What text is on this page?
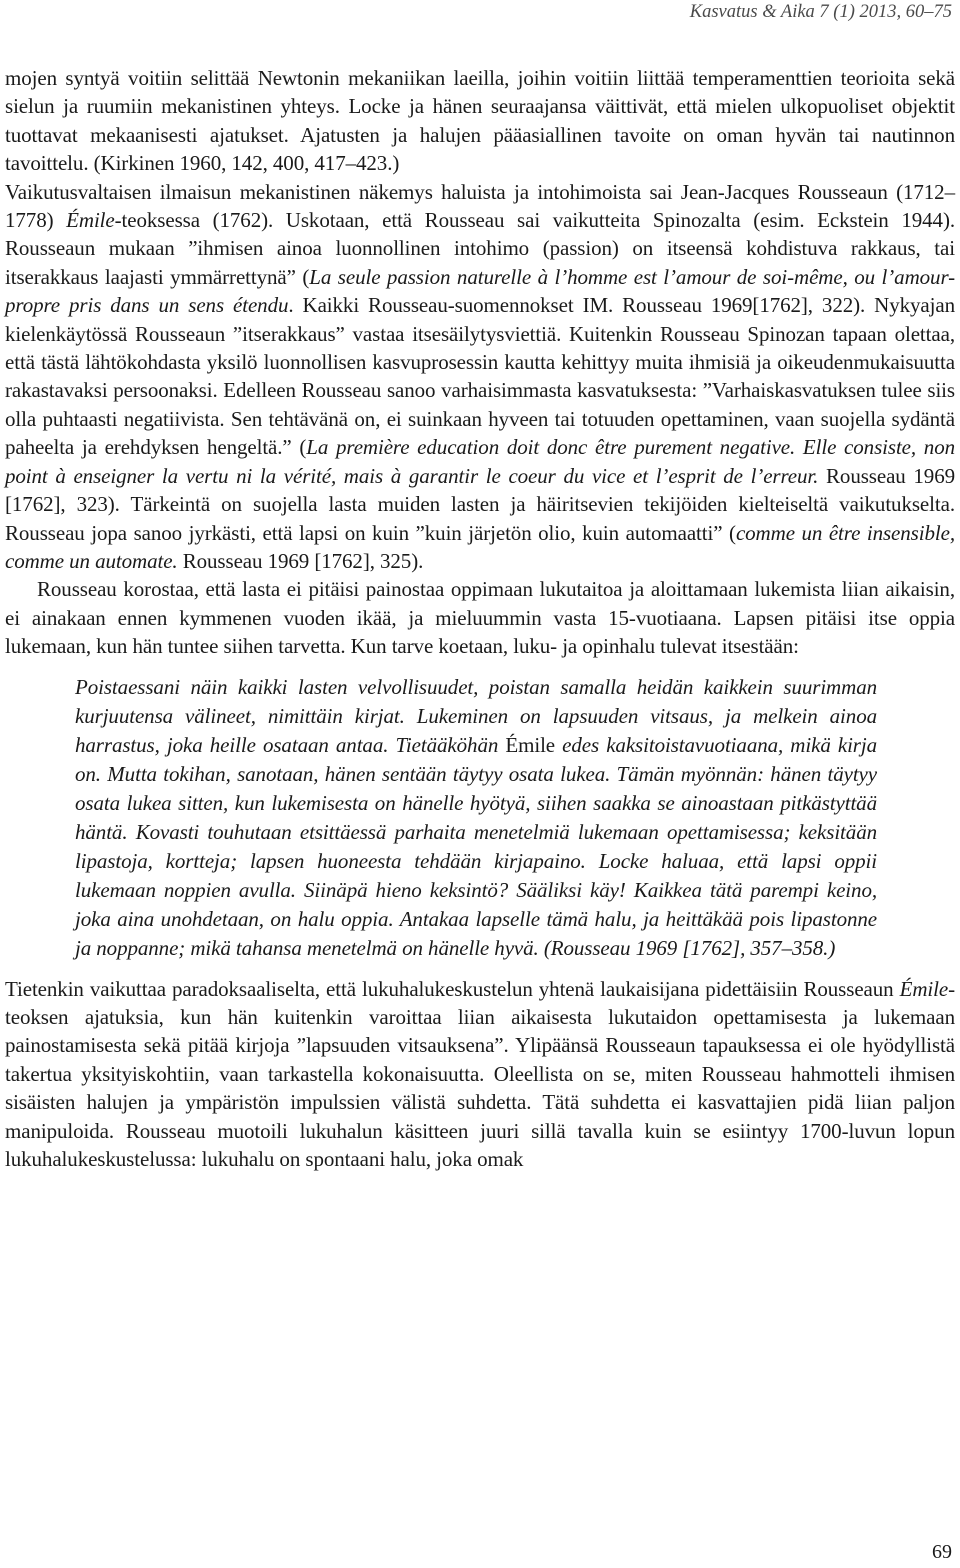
Kasvatus & Aika 7 (1) 2013, 60–75

mojen syntyä voitiin selittää Newtonin mekaniikan laeilla, joihin voitiin liittää temperamenttien teorioita sekä sielun ja ruumiin mekanistinen yhteys. Locke ja hänen seuraajansa väittivät, että mielen ulkopuoliset objektit tuottavat mekaanisesti ajatukset. Ajatusten ja halujen pääasiallinen tavoite on oman hyvän tai nautinnon tavoittelu. (Kirkinen 1960, 142, 400, 417–423.)

Vaikutusvaltaisen ilmaisun mekanistinen näkemys haluista ja intohimoista sai Jean-Jacques Rousseaun (1712–1778) Émile-teoksessa (1762). Uskotaan, että Rousseau sai vaikutteita Spinozalta (esim. Eckstein 1944). Rousseaun mukaan ”ihmisen ainoa luonnollinen intohimo (passion) on itseensä kohdistuva rakkaus, tai itserakkaus laajasti ymmärrettynä” (La seule passion naturelle à l’homme est l’amour de soi-même, ou l’amour-propre pris dans un sens étendu. Kaikki Rousseau-suomennokset IM. Rousseau 1969[1762], 322). Nykyajan kielenkäytössä Rousseaun ”itserakkaus” vastaa itsesäilytysviettiä. Kuitenkin Rousseau Spinozan tapaan olettaa, että tästä lähtökohdasta yksilö luonnollisen kasvuprosessin kautta kehittyy muita ihmisiä ja oikeudenmukaisuutta rakastavaksi persoonaksi. Edelleen Rousseau sanoo varhaisimmasta kasvatuksesta: ”Varhaiskasvatuksen tulee siis olla puhtaasti negatiivista. Sen tehtävänä on, ei suinkaan hyveen tai totuuden opettaminen, vaan suojella sydäntä paheelta ja erehdyksen hengeltä.” (La première education doit donc être purement negative. Elle consiste, non point à enseigner la vertu ni la vérité, mais à garantir le coeur du vice et l’esprit de l’erreur. Rousseau 1969 [1762], 323). Tärkeintä on suojella lasta muiden lasten ja häiritsevien tekijöiden kielteiseltä vaikutukselta. Rousseau jopa sanoo jyrkästi, että lapsi on kuin ”kuin järjetön olio, kuin automaatti” (comme un être insensible, comme un automate. Rousseau 1969 [1762], 325).

Rousseau korostaa, että lasta ei pitäisi painostaa oppimaan lukutaitoa ja aloittamaan lukemista liian aikaisin, ei ainakaan ennen kymmenen vuoden ikää, ja mieluummin vasta 15-vuotiaana. Lapsen pitäisi itse oppia lukemaan, kun hän tuntee siihen tarvetta. Kun tarve koetaan, luku- ja opinhalu tulevat itsestään:

Poistaessani näin kaikki lasten velvollisuudet, poistan samalla heidän kaikkein suurimman kurjuutensa välineet, nimittäin kirjat. Lukeminen on lapsuuden vitsaus, ja melkein ainoa harrastus, joka heille osataan antaa. Tietääköhän Émile edes kaksitoistavuotiaana, mikä kirja on. Mutta tokihan, sanotaan, hänen sentään täytyy osata lukea. Tämän myönnän: hänen täytyy osata lukea sitten, kun lukemisesta on hänelle hyötyä, siihen saakka se ainoastaan pitkästyttää häntä. Kovasti touhutaan etsittäessä parhaita menetelmiä lukemaan opettamisessa; keksitään lipastoja, kortteja; lapsen huoneesta tehdään kirjapaino. Locke haluaa, että lapsi oppii lukemaan noppien avulla. Siinäpä hieno keksintö? Sääliksi käy! Kaikkea tätä parempi keino, joka aina unohdetaan, on halu oppia. Antakaa lapselle tämä halu, ja heittäkää pois lipastonne ja noppanne; mikä tahansa menetelmä on hänelle hyvä. (Rousseau 1969 [1762], 357–358.)

Tietenkin vaikuttaa paradoksaaliselta, että lukuhalukeskustelun yhtenä laukaisijana pidettäisiin Rousseaun Émile-teoksen ajatuksia, kun hän kuitenkin varoittaa liian aikaisesta lukutaidon opettamisesta ja lukemaan painostamisesta sekä pitää kirjoja ”lapsuuden vitsauksena”. Ylipäänsä Rousseaun tapauksessa ei ole hyödyllistä takertua yksityiskohtiin, vaan tarkastella kokonaisuutta. Oleellista on se, miten Rousseau hahmotteli ihmisen sisäisten halujen ja ympäristön impulssien välistä suhdetta. Tätä suhdetta ei kasvattajien pidä liian paljon manipuloida. Rousseau muotoili lukuhalun käsitteen juuri sillä tavalla kuin se esiintyy 1700-luvun lopun lukuhalukeskustelussa: lukuhalu on spontaani halu, joka omak

69
